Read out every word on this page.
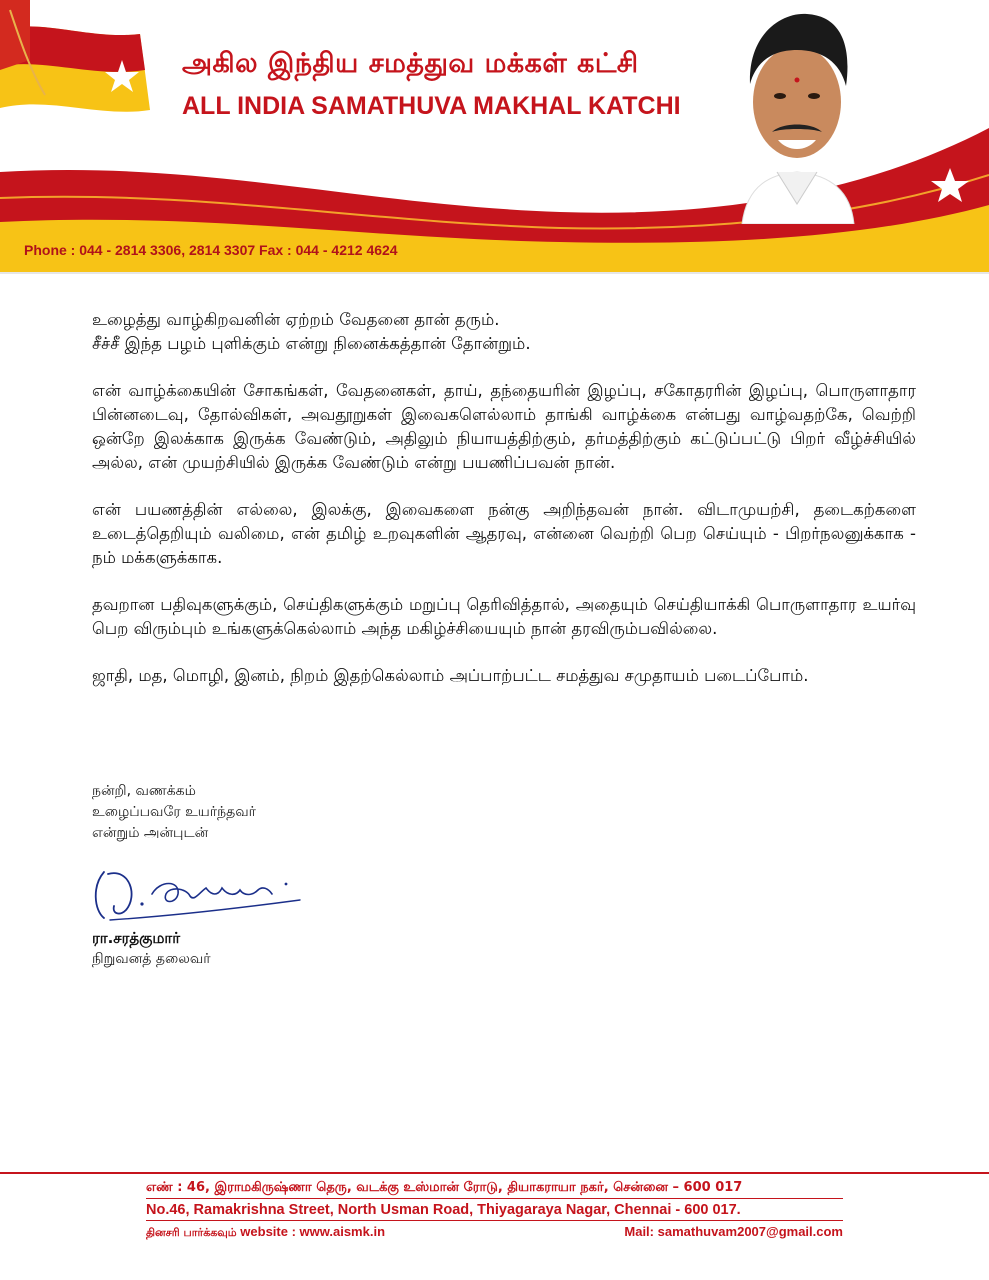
அகில இந்திய சமத்துவ மக்கள் கட்சி
ALL INDIA SAMATHUVA MAKHAL KATCHI
Phone : 044 - 2814 3306, 2814 3307 Fax : 044 - 4212 4624

உழைத்து வாழ்கிறவனின் ஏற்றம் வேதனை தான் தரும்.
சீச்சீ இந்த பழம் புளிக்கும் என்று நினைக்கத்தான் தோன்றும்.

என் வாழ்க்கையின் சோகங்கள், வேதனைகள், தாய், தந்தையரின் இழப்பு, சகோதரரின் இழப்பு, பொருளாதார பின்னடைவு, தோல்விகள், அவதூறுகள் இவைகளெல்லாம் தாங்கி வாழ்க்கை என்பது வாழ்வதற்கே, வெற்றி ஒன்றே இலக்காக இருக்க வேண்டும், அதிலும் நியாயத்திற்கும், தர்மத்திற்கும் கட்டுப்பட்டு பிறர் வீழ்ச்சியில் அல்ல, என் முயற்சியில் இருக்க வேண்டும் என்று பயணிப்பவன் நான்.

என் பயணத்தின் எல்லை, இலக்கு, இவைகளை நன்கு அறிந்தவன் நான். விடாமுயற்சி, தடைகற்களை உடைத்தெறியும் வலிமை, என் தமிழ் உறவுகளின் ஆதரவு, என்னை வெற்றி பெற செய்யும் - பிறர்நலனுக்காக - நம் மக்களுக்காக.

தவறான பதிவுகளுக்கும், செய்திகளுக்கும் மறுப்பு தெரிவித்தால், அதையும் செய்தியாக்கி பொருளாதார உயர்வு பெற விரும்பும் உங்களுக்கெல்லாம் அந்த மகிழ்ச்சியையும் நான் தரவிரும்பவில்லை.

ஜாதி, மத, மொழி, இனம், நிறம் இதற்கெல்லாம் அப்பாற்பட்ட சமத்துவ சமுதாயம் படைப்போம்.

நன்றி, வணக்கம்
உழைப்பவரே உயர்ந்தவர்
என்றும் அன்புடன்
ரா.சரத்குமார்
நிறுவனத் தலைவர்
எண் : 46, இராமகிருஷ்ணா தெரு, வடக்கு உஸ்மான் ரோடு, தியாகராயா நகர், சென்னை – 600 017
No.46, Ramakrishna Street, North Usman Road, Thiyagaraya Nagar, Chennai - 600 017.
தினசரி பார்க்கவும் website : www.aismk.in	Mail: samathuvam2007@gmail.com
